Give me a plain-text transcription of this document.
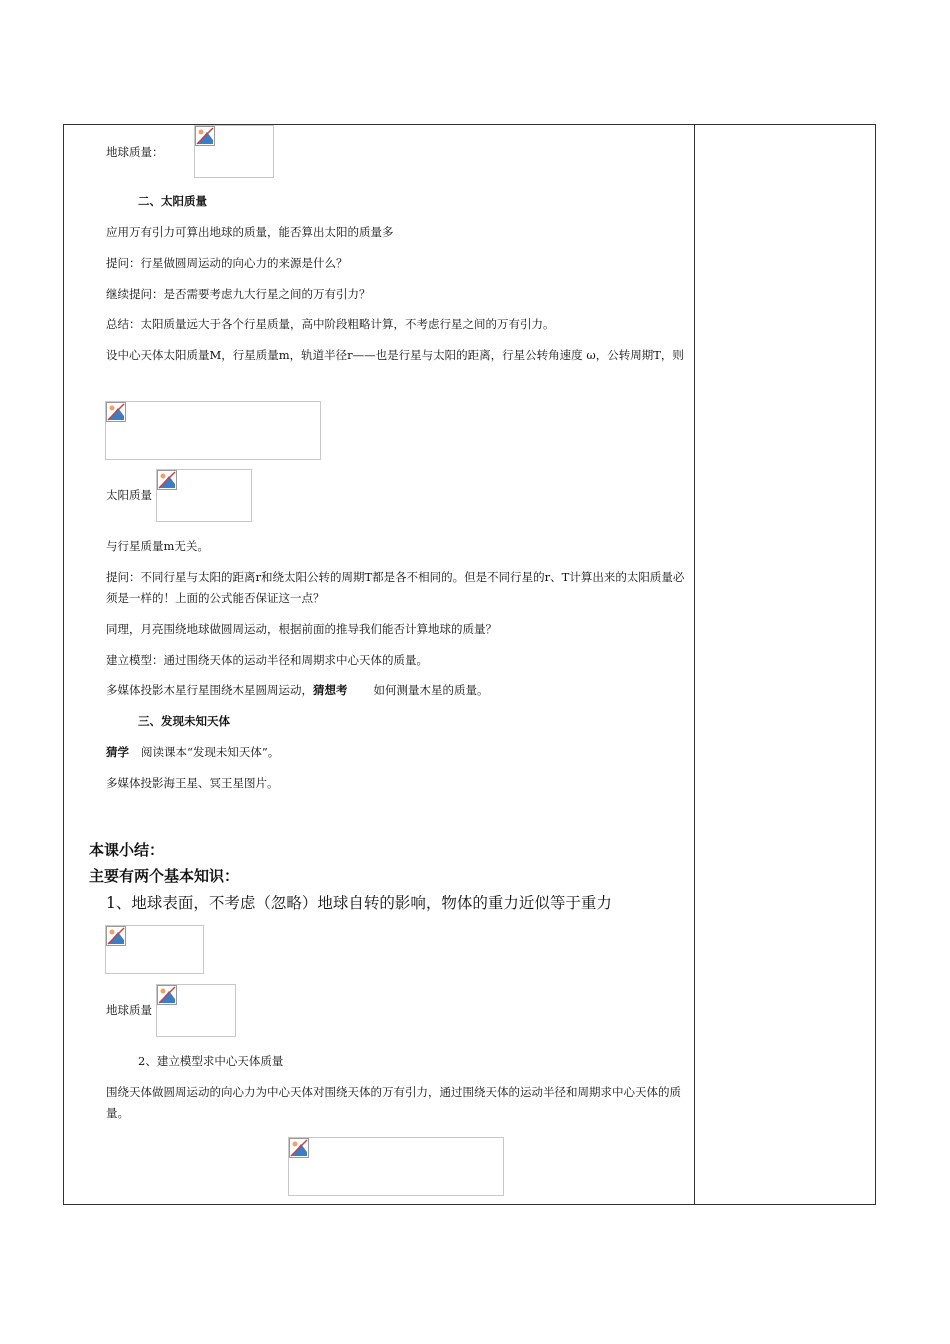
地球质量：
二、太阳质量
应用万有引力可算出地球的质量，能否算出太阳的质量多
提问：行星做圆周运动的向心力的来源是什么？
继续提问：是否需要考虑九大行星之间的万有引力？
总结：太阳质量远大于各个行星质量，高中阶段粗略计算，不考虑行星之间的万有引力。
设中心天体太阳质量M，行星质量m，轨道半径r——也是行星与太阳的距离，行星公转角速度 ω，公转周期T，则
太阳质量
与行星质量m无关。
提问：不同行星与太阳的距离r和绕太阳公转的周期T都是各不相同的。但是不同行星的r、T计算出来的太阳质量必须是一样的！上面的公式能否保证这一点？
同理，月亮围绕地球做圆周运动，根据前面的推导我们能否计算地球的质量？
建立模型：通过围绕天体的运动半径和周期求中心天体的质量。
多媒体投影木星行星围绕木星圆周运动，猜想考 如何测量木星的质量。
三、发现未知天体
猜学 阅读课本“发现未知天体”。
多媒体投影海王星、冥王星图片。
本课小结：
主要有两个基本知识：
1、地球表面，不考虑（忽略）地球自转的影响，物体的重力近似等于重力
地球质量
2、建立模型求中心天体质量
围绕天体做圆周运动的向心力为中心天体对围绕天体的万有引力，通过围绕天体的运动半径和周期求中心天体的质量。
